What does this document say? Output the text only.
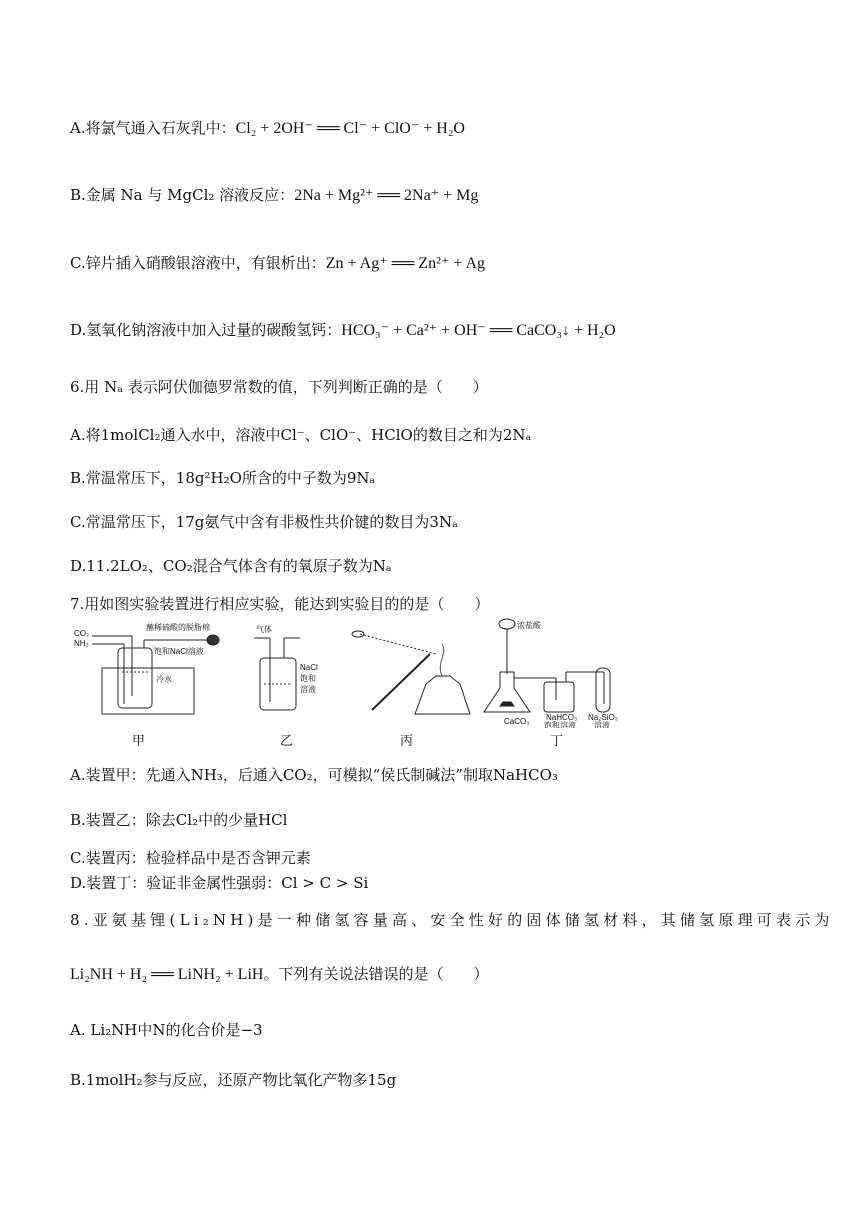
A.将氯气通入石灰乳中：Cl₂ + 2OH⁻ ══ Cl⁻ + ClO⁻ + H₂O
B.金属 Na 与 MgCl₂ 溶液反应：2Na + Mg²⁺ ══ 2Na⁺ + Mg
C.锌片插入硝酸银溶液中，有银析出：Zn + Ag⁺ ══ Zn²⁺ + Ag
D.氢氧化钠溶液中加入过量的碳酸氢钙：HCO₃⁻ + Ca²⁺ + OH⁻ ══ CaCO₃↓ + H₂O
6.用 Nₐ 表示阿伏伽德罗常数的值，下列判断正确的是（　　）
A.将1molCl₂通入水中，溶液中Cl⁻、ClO⁻、HClO的数目之和为2Nₐ
B.常温常压下，18g²H₂O所含的中子数为9Nₐ
C.常温常压下，17g氨气中含有非极性共价键的数目为3Nₐ
D.11.2LO₂、CO₂混合气体含有的氧原子数为Nₐ
7.用如图实验装置进行相应实验，能达到实验目的的是（　　）
CO₂
NH₃
蘸稀硫酸的脱脂棉
饱和NaCl溶液
冷水
气体
NaCl
饱和
溶液
浓盐酸
CaCO₃ NaHCO₃
饱和溶液
Na₂SiO₃
溶液
甲	乙	丙	丁
A.装置甲：先通入NH₃，后通入CO₂，可模拟“侯氏制碱法”制取NaHCO₃
B.装置乙：除去Cl₂中的少量HCl
C.装置丙：检验样品中是否含钾元素
D.装置丁：验证非金属性强弱：Cl > C > Si
8.亚氨基锂(Li₂NH)是一种储氢容量高、安全性好的固体储氢材料，其储氢原理可表示为
Li₂NH + H₂ ══ LiNH₂ + LiH。下列有关说法错误的是（　　）
A. Li₂NH中N的化合价是−3
B.1molH₂参与反应，还原产物比氧化产物多15g
